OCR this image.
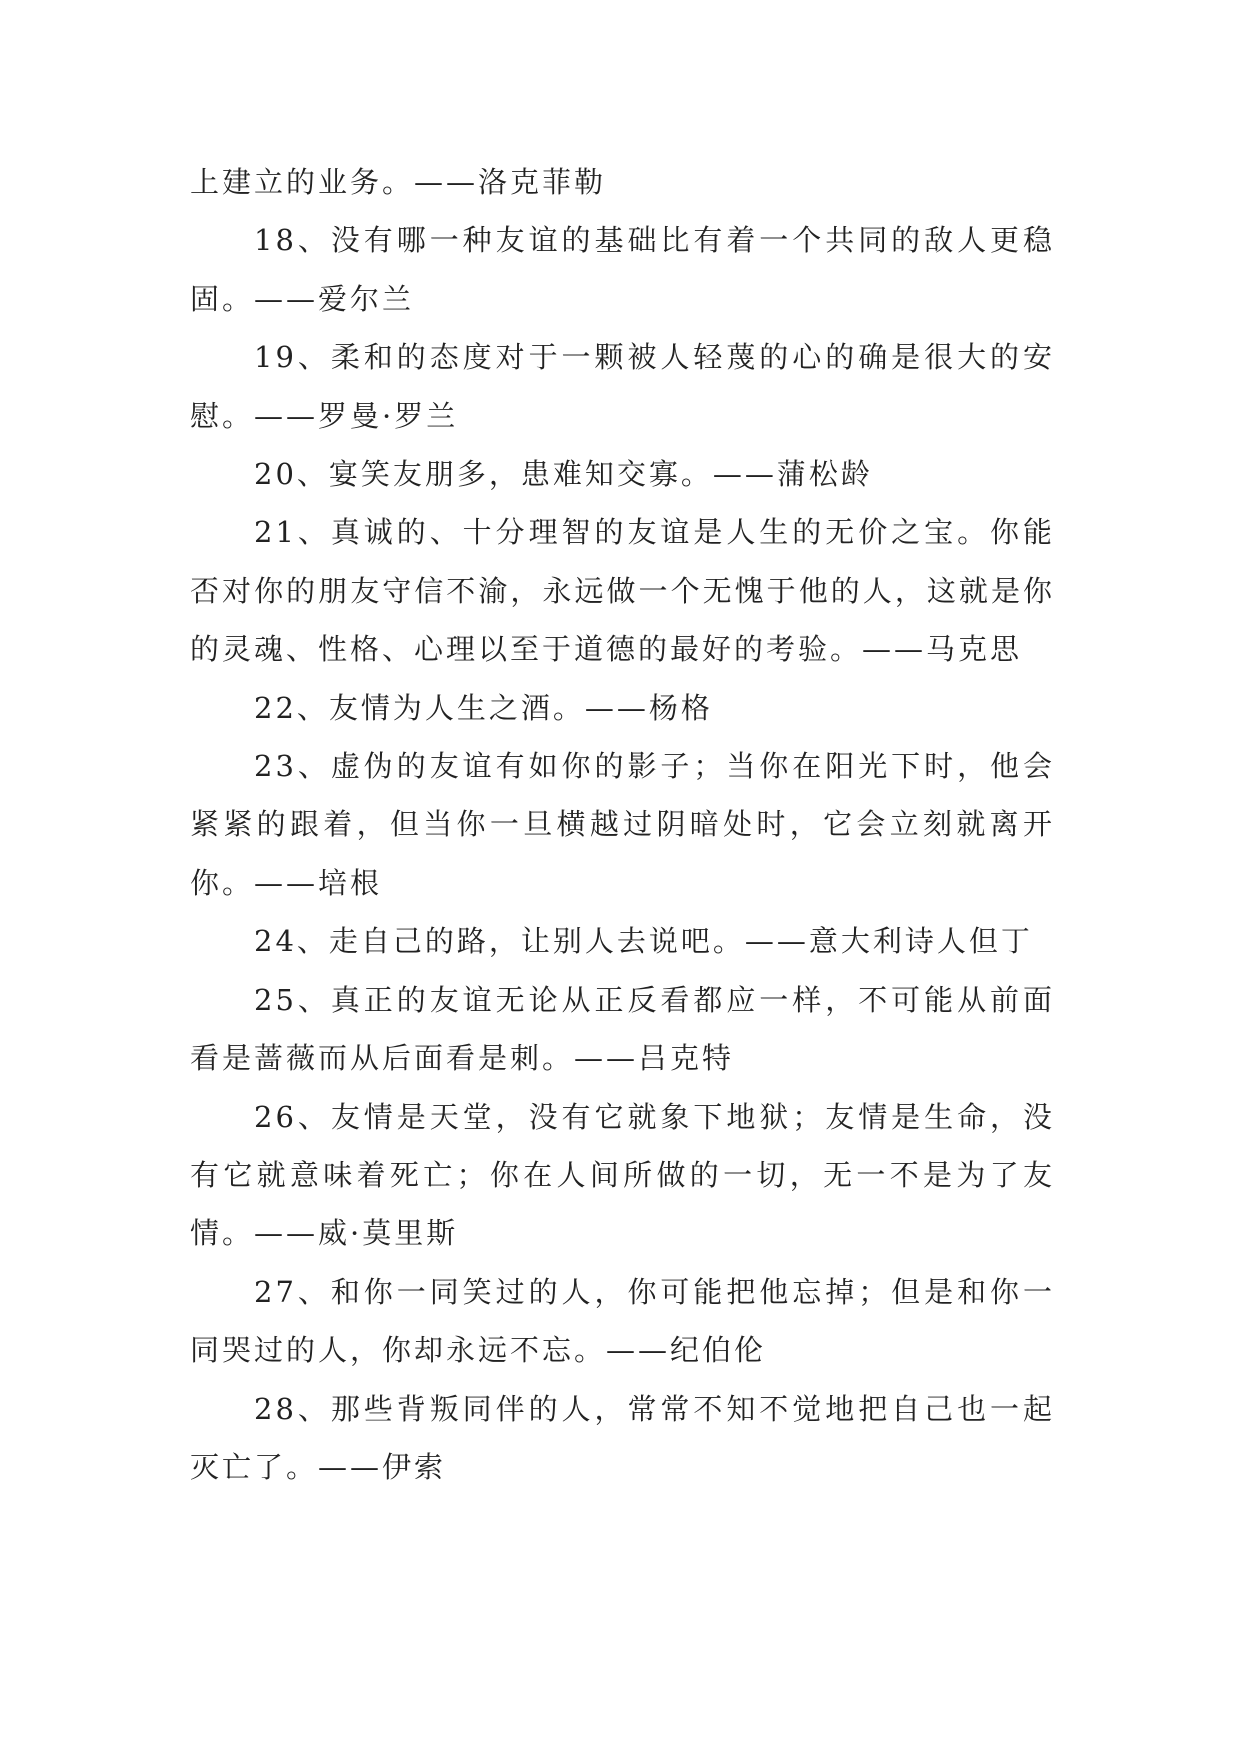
上建立的业务。——洛克菲勒

18、没有哪一种友谊的基础比有着一个共同的敌人更稳固。——爱尔兰

19、柔和的态度对于一颗被人轻蔑的心的确是很大的安慰。——罗曼·罗兰

20、宴笑友朋多，患难知交寡。——蒲松龄

21、真诚的、十分理智的友谊是人生的无价之宝。你能否对你的朋友守信不渝，永远做一个无愧于他的人，这就是你的灵魂、性格、心理以至于道德的最好的考验。——马克思

22、友情为人生之酒。——杨格

23、虚伪的友谊有如你的影子；当你在阳光下时，他会紧紧的跟着，但当你一旦横越过阴暗处时，它会立刻就离开你。——培根

24、走自己的路，让别人去说吧。——意大利诗人但丁

25、真正的友谊无论从正反看都应一样，不可能从前面看是蔷薇而从后面看是刺。——吕克特

26、友情是天堂，没有它就象下地狱；友情是生命，没有它就意味着死亡；你在人间所做的一切，无一不是为了友情。——威·莫里斯

27、和你一同笑过的人，你可能把他忘掉；但是和你一同哭过的人，你却永远不忘。——纪伯伦

28、那些背叛同伴的人，常常不知不觉地把自己也一起灭亡了。——伊索
